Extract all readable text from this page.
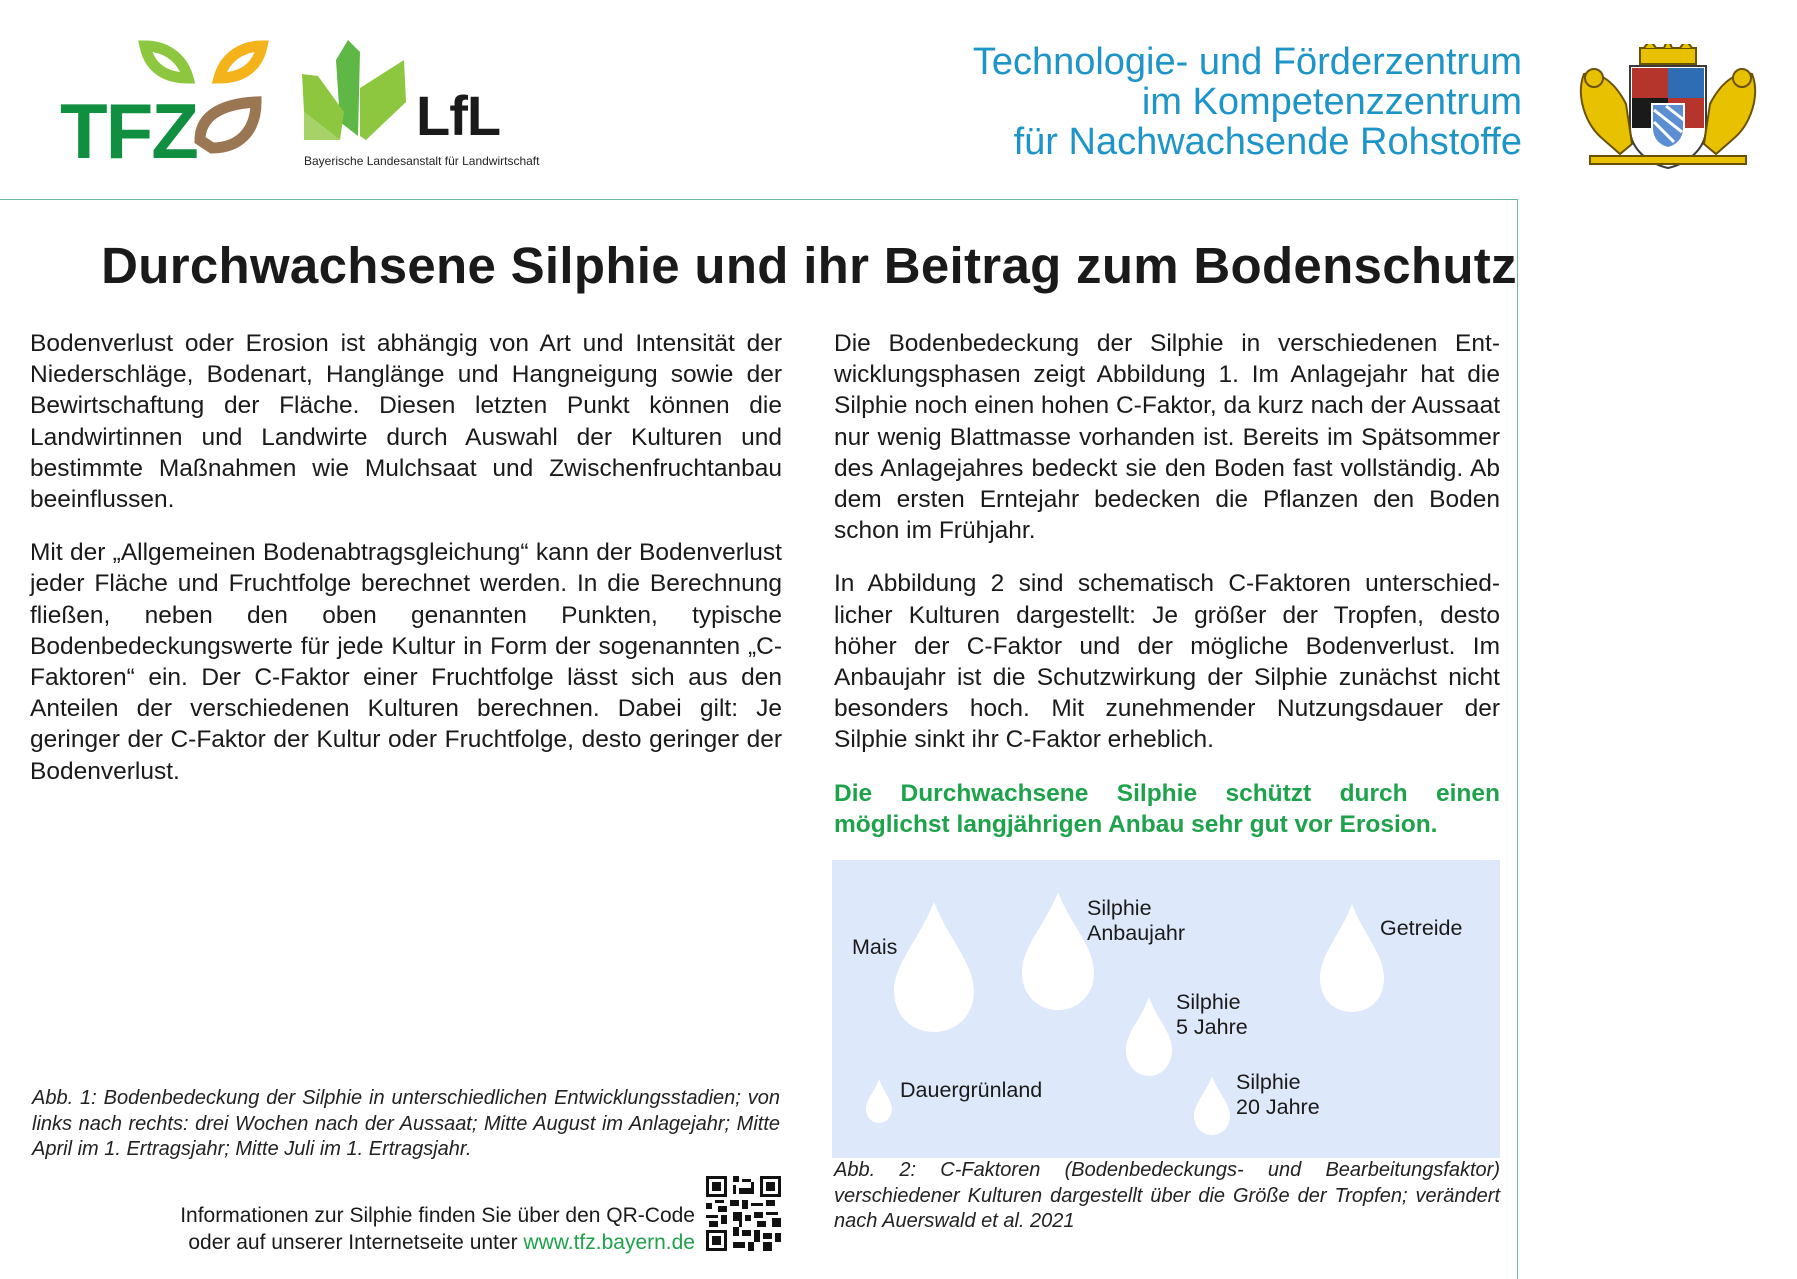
TFZ	LfL
Bayerische Landesanstalt für Landwirtschaft
Technologie- und Förderzentrum
im Kompetenzzentrum
für Nachwachsende Rohstoffe
Durchwachsene Silphie und ihr Beitrag zum Bodenschutz

Bodenverlust oder Erosion ist abhängig von Art und Intensität der Niederschläge, Bodenart, Hanglänge und Hangneigung sowie der Bewirtschaftung der Fläche. Diesen letzten Punkt können die Landwirtinnen und Landwirte durch Auswahl der Kulturen und bestimmte Maßnahmen wie Mulchsaat und Zwischenfruchtanbau beeinflussen.

Mit der „Allgemeinen Bodenabtragsgleichung“ kann der Bodenverlust jeder Fläche und Fruchtfolge berechnet werden. In die Berechnung fließen, neben den oben genannten Punkten, typische Bodenbedeckungswerte für jede Kultur in Form der sogenannten „C-Faktoren“ ein. Der C-Faktor einer Fruchtfolge lässt sich aus den Anteilen der verschiedenen Kulturen berechnen. Dabei gilt: Je geringer der C-Faktor der Kultur oder Fruchtfolge, desto geringer der Bodenverlust.

Abb. 1: Bodenbedeckung der Silphie in unterschiedlichen Entwicklungsstadien; von links nach rechts: drei Wochen nach der Aussaat; Mitte August im Anlagejahr; Mitte April im 1. Ertragsjahr; Mitte Juli im 1. Ertragsjahr.
Informationen zur Silphie finden Sie über den QR-Code
oder auf unserer Internetseite unter www.tfz.bayern.de

Die Bodenbedeckung der Silphie in verschiedenen Entwicklungsphasen zeigt Abbildung 1. Im Anlagejahr hat die Silphie noch einen hohen C-Faktor, da kurz nach der Aussaat nur wenig Blattmasse vorhanden ist. Bereits im Spätsommer des Anlagejahres bedeckt sie den Boden fast vollständig. Ab dem ersten Erntejahr bedecken die Pflanzen den Boden schon im Frühjahr.

In Abbildung 2 sind schematisch C-Faktoren unterschiedlicher Kulturen dargestellt: Je größer der Tropfen, desto höher der C-Faktor und der mögliche Bodenverlust. Im Anbaujahr ist die Schutzwirkung der Silphie zunächst nicht besonders hoch. Mit zunehmender Nutzungsdauer der Silphie sinkt ihr C-Faktor erheblich.

Die Durchwachsene Silphie schützt durch einen möglichst langjährigen Anbau sehr gut vor Erosion.

Mais
Silphie
Anbaujahr	Getreide
Silphie
5 Jahre
Dauergrünland	Silphie
20 Jahre
Abb. 2: C-Faktoren (Bodenbedeckungs- und Bearbeitungsfaktor) verschiedener Kulturen dargestellt über die Größe der Tropfen; verändert nach Auerswald et al. 2021
